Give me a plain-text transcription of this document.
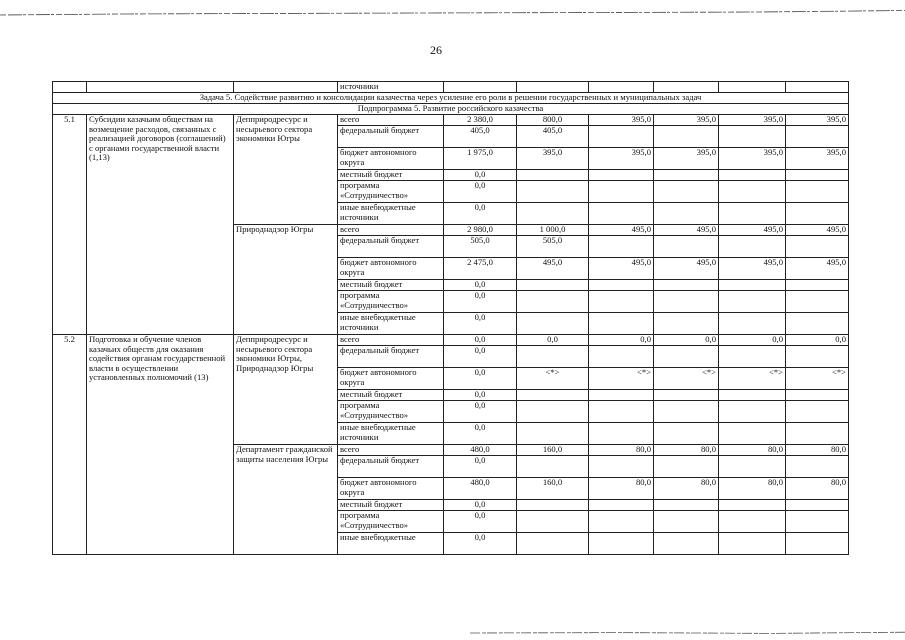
26
			источники						
Задача 5. Содействие развитию и консолидации казачества через усиление его роли в решении государственных и муниципальных задач									
Подпрограмма 5. Развитие российского казачества									
5.1	Субсидии казачьим обществам на возмещение расходов, связанных с реализацией договоров (соглашений) с органами государственной власти (1,13)	Депприродресурс и несырьевого сектора экономики Югры	всего	2 380,0	800,0	395,0	395,0	395,0	395,0
			федеральный бюджет	405,0	405,0				
			бюджет автономного округа	1 975,0	395,0	395,0	395,0	395,0	395,0
			местный бюджет	0,0					
			программа «Сотрудничество»	0,0					
			иные внебюджетные источники	0,0					
		Природнадзор Югры	всего	2 980,0	1 000,0	495,0	495,0	495,0	495,0
			федеральный бюджет	505,0	505,0				
			бюджет автономного округа	2 475,0	495,0	495,0	495,0	495,0	495,0
			местный бюджет	0,0					
			программа «Сотрудничество»	0,0					
			иные внебюджетные источники	0,0					
5.2	Подготовка и обучение членов казачьих обществ для оказания содействия органам государственной власти в осуществлении установленных полномочий (13)	Депприродресурс и несырьевого сектора экономики Югры, Природнадзор Югры	всего	0,0	0,0	0,0	0,0	0,0	0,0
			федеральный бюджет	0,0					
			бюджет автономного округа	0,0	<*>	<*>	<*>	<*>	<*>
			местный бюджет	0,0					
			программа «Сотрудничество»	0,0					
			иные внебюджетные источники	0,0					
		Департамент гражданской защиты населения Югры	всего	480,0	160,0	80,0	80,0	80,0	80,0
			федеральный бюджет	0,0					
			бюджет автономного округа	480,0	160,0	80,0	80,0	80,0	80,0
			местный бюджет	0,0					
			программа «Сотрудничество»	0,0					
			иные внебюджетные	0,0					
